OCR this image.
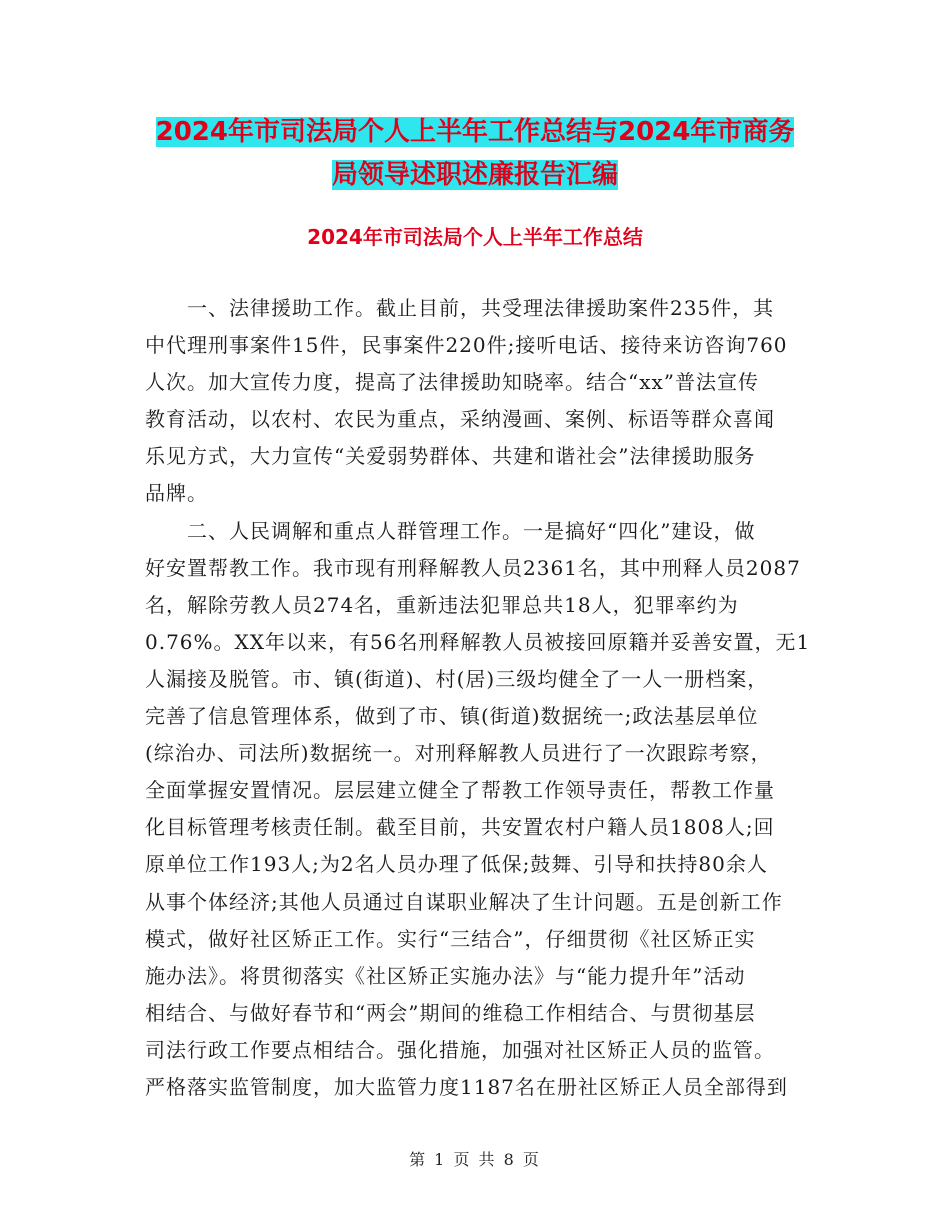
2024年市司法局个人上半年工作总结与2024年市商务
局领导述职述廉报告汇编
2024年市司法局个人上半年工作总结
一、法律援助工作。截止目前，共受理法律援助案件235件，其
中代理刑事案件15件，民事案件220件;接听电话、接待来访咨询760
人次。加大宣传力度，提高了法律援助知晓率。结合“xx”普法宣传
教育活动，以农村、农民为重点，采纳漫画、案例、标语等群众喜闻
乐见方式，大力宣传“关爱弱势群体、共建和谐社会”法律援助服务
品牌。
二、人民调解和重点人群管理工作。一是搞好“四化”建设，做
好安置帮教工作。我市现有刑释解教人员2361名，其中刑释人员2087
名，解除劳教人员274名，重新违法犯罪总共18人，犯罪率约为
0.76%。XX年以来，有56名刑释解教人员被接回原籍并妥善安置，无1
人漏接及脱管。市、镇(街道)、村(居)三级均健全了一人一册档案，
完善了信息管理体系，做到了市、镇(街道)数据统一;政法基层单位
(综治办、司法所)数据统一。对刑释解教人员进行了一次跟踪考察，
全面掌握安置情况。层层建立健全了帮教工作领导责任，帮教工作量
化目标管理考核责任制。截至目前，共安置农村户籍人员1808人;回
原单位工作193人;为2名人员办理了低保;鼓舞、引导和扶持80余人
从事个体经济;其他人员通过自谋职业解决了生计问题。五是创新工作
模式，做好社区矫正工作。实行“三结合”，仔细贯彻《社区矫正实
施办法》。将贯彻落实《社区矫正实施办法》与“能力提升年”活动
相结合、与做好春节和“两会”期间的维稳工作相结合、与贯彻基层
司法行政工作要点相结合。强化措施，加强对社区矫正人员的监管。
严格落实监管制度，加大监管力度1187名在册社区矫正人员全部得到
第 1 页 共 8 页
